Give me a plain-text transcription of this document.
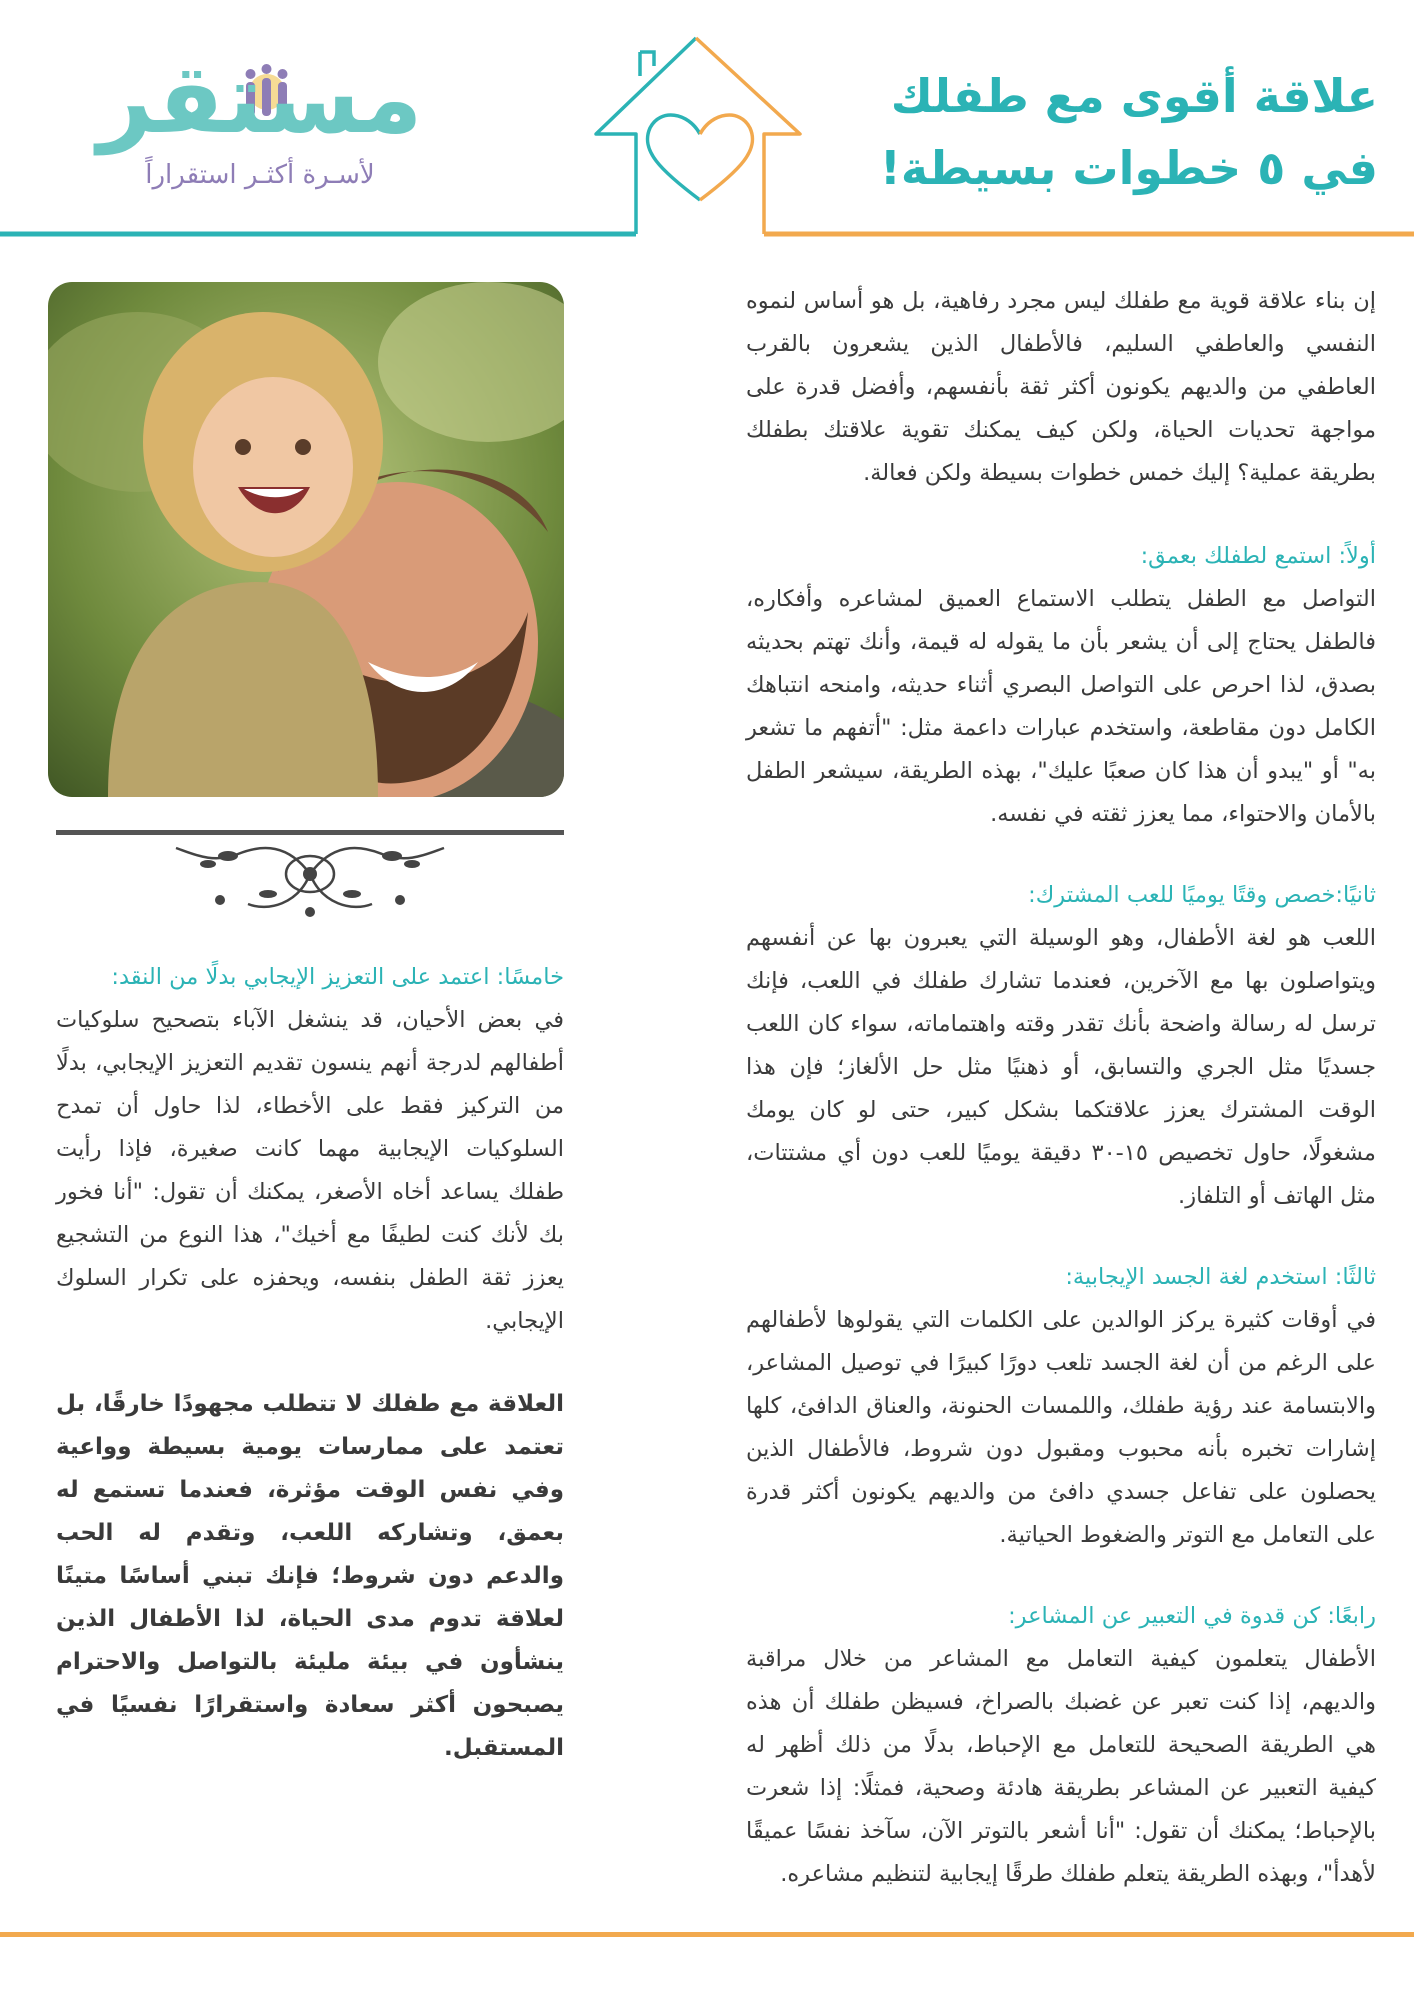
علاقة أقوى مع طفلك
في ٥ خطوات بسيطة!
مستقر
لأسـرة أكثـر استقراراً

إن بناء علاقة قوية مع طفلك ليس مجرد رفاهية، بل هو أساس لنموه النفسي والعاطفي السليم، فالأطفال الذين يشعرون بالقرب العاطفي من والديهم يكونون أكثر ثقة بأنفسهم، وأفضل قدرة على مواجهة تحديات الحياة، ولكن كيف يمكنك تقوية علاقتك بطفلك بطريقة عملية؟ إليك خمس خطوات بسيطة ولكن فعالة.

أولاً: استمع لطفلك بعمق:

التواصل مع الطفل يتطلب الاستماع العميق لمشاعره وأفكاره، فالطفل يحتاج إلى أن يشعر بأن ما يقوله له قيمة، وأنك تهتم بحديثه بصدق، لذا احرص على التواصل البصري أثناء حديثه، وامنحه انتباهك الكامل دون مقاطعة، واستخدم عبارات داعمة مثل: "أتفهم ما تشعر به" أو "يبدو أن هذا كان صعبًا عليك"، بهذه الطريقة، سيشعر الطفل بالأمان والاحتواء، مما يعزز ثقته في نفسه.

ثانيًا:خصص وقتًا يوميًا للعب المشترك:

اللعب هو لغة الأطفال، وهو الوسيلة التي يعبرون بها عن أنفسهم ويتواصلون بها مع الآخرين، فعندما تشارك طفلك في اللعب، فإنك ترسل له رسالة واضحة بأنك تقدر وقته واهتماماته، سواء كان اللعب جسديًا مثل الجري والتسابق، أو ذهنيًا مثل حل الألغاز؛ فإن هذا الوقت المشترك يعزز علاقتكما بشكل كبير، حتى لو كان يومك مشغولًا، حاول تخصيص ١٥-٣٠ دقيقة يوميًا للعب دون أي مشتتات، مثل الهاتف أو التلفاز.

ثالثًا: استخدم لغة الجسد الإيجابية:

في أوقات كثيرة يركز الوالدين على الكلمات التي يقولوها لأطفالهم على الرغم من أن لغة الجسد تلعب دورًا كبيرًا في توصيل المشاعر، والابتسامة عند رؤية طفلك، واللمسات الحنونة، والعناق الدافئ، كلها إشارات تخبره بأنه محبوب ومقبول دون شروط، فالأطفال الذين يحصلون على تفاعل جسدي دافئ من والديهم يكونون أكثر قدرة على التعامل مع التوتر والضغوط الحياتية.

رابعًا: كن قدوة في التعبير عن المشاعر:

الأطفال يتعلمون كيفية التعامل مع المشاعر من خلال مراقبة والديهم، إذا كنت تعبر عن غضبك بالصراخ، فسيظن طفلك أن هذه هي الطريقة الصحيحة للتعامل مع الإحباط، بدلًا من ذلك أظهر له كيفية التعبير عن المشاعر بطريقة هادئة وصحية، فمثلًا: إذا شعرت بالإحباط؛ يمكنك أن تقول: "أنا أشعر بالتوتر الآن، سآخذ نفسًا عميقًا لأهدأ"، وبهذه الطريقة يتعلم طفلك طرقًا إيجابية لتنظيم مشاعره.

خامسًا: اعتمد على التعزيز الإيجابي بدلًا من النقد:

في بعض الأحيان، قد ينشغل الآباء بتصحيح سلوكيات أطفالهم لدرجة أنهم ينسون تقديم التعزيز الإيجابي، بدلًا من التركيز فقط على الأخطاء، لذا حاول أن تمدح السلوكيات الإيجابية مهما كانت صغيرة، فإذا رأيت طفلك يساعد أخاه الأصغر، يمكنك أن تقول: "أنا فخور بك لأنك كنت لطيفًا مع أخيك"، هذا النوع من التشجيع يعزز ثقة الطفل بنفسه، ويحفزه على تكرار السلوك الإيجابي.

العلاقة مع طفلك لا تتطلب مجهودًا خارقًا، بل تعتمد على ممارسات يومية بسيطة وواعية وفي نفس الوقت مؤثرة، فعندما تستمع له بعمق، وتشاركه اللعب، وتقدم له الحب والدعم دون شروط؛ فإنك تبني أساسًا متينًا لعلاقة تدوم مدى الحياة، لذا الأطفال الذين ينشأون في بيئة مليئة بالتواصل والاحترام يصبحون أكثر سعادة واستقرارًا نفسيًا في المستقبل.
